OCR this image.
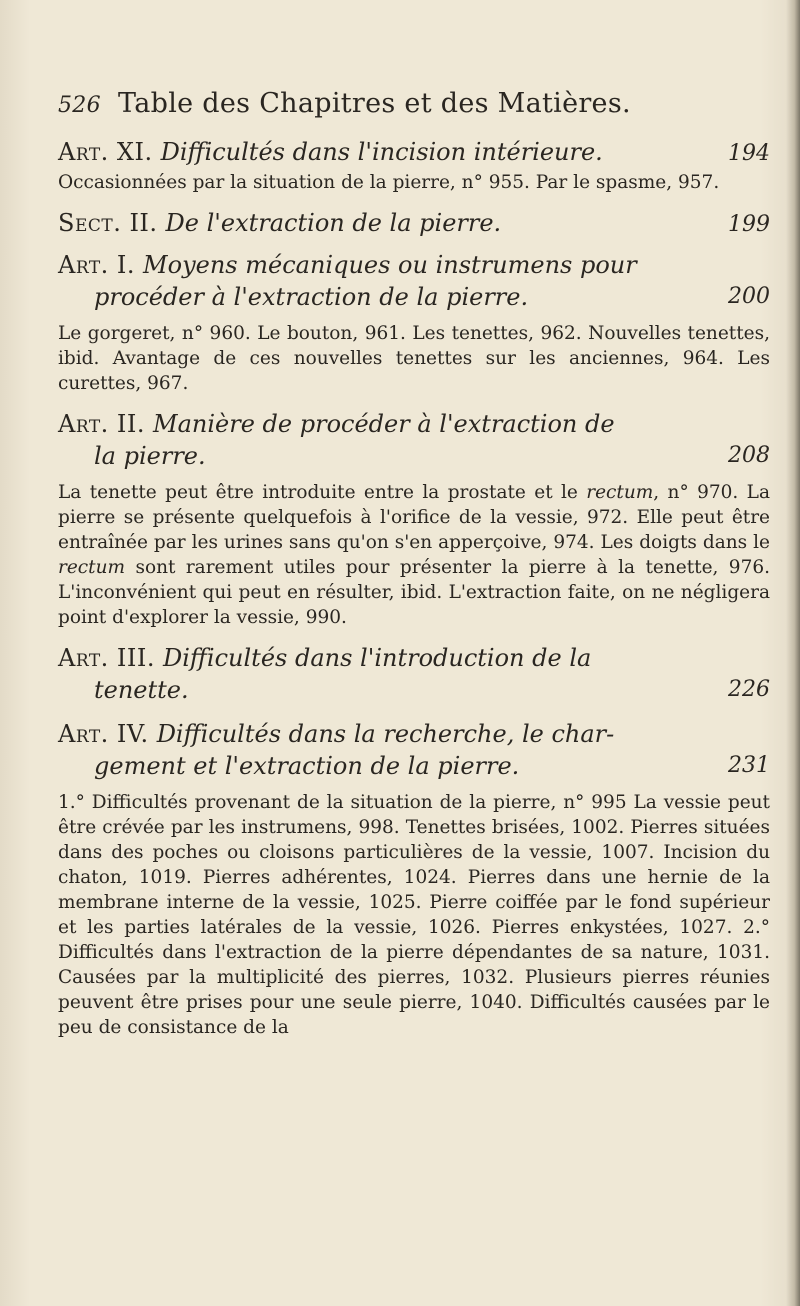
526 Table des Chapitres et des Matières.
Art. XI. Difficultés dans l'incision intérieure.	194

Occasionnées par la situation de la pierre, n° 955. Par le spasme, 957.

Sect. II. De l'extraction de la pierre.	199
Art. I. Moyens mécaniques ou instrumens pour
procéder à l'extraction de la pierre.	200

Le gorgeret, n° 960. Le bouton, 961. Les tenettes, 962. Nouvelles tenettes, ibid. Avantage de ces nouvelles tenettes sur les anciennes, 964. Les curettes, 967.

Art. II. Manière de procéder à l'extraction de
la pierre.	208

La tenette peut être introduite entre la prostate et le rectum, n° 970. La pierre se présente quelquefois à l'orifice de la vessie, 972. Elle peut être entraînée par les urines sans qu'on s'en apperçoive, 974. Les doigts dans le rectum sont rarement utiles pour présenter la pierre à la tenette, 976. L'inconvénient qui peut en résulter, ibid. L'extraction faite, on ne négligera point d'explorer la vessie, 990.

Art. III. Difficultés dans l'introduction de la
tenette.	226
Art. IV. Difficultés dans la recherche, le char-
gement et l'extraction de la pierre.	231

1.° Difficultés provenant de la situation de la pierre, n° 995 La vessie peut être crévée par les instrumens, 998. Tenettes brisées, 1002. Pierres situées dans des poches ou cloisons particulières de la vessie, 1007. Incision du chaton, 1019. Pierres adhérentes, 1024. Pierres dans une hernie de la membrane interne de la vessie, 1025. Pierre coiffée par le fond supérieur et les parties latérales de la vessie, 1026. Pierres enkystées, 1027. 2.° Difficultés dans l'extraction de la pierre dépendantes de sa nature, 1031. Causées par la multiplicité des pierres, 1032. Plusieurs pierres réunies peuvent être prises pour une seule pierre, 1040. Difficultés causées par le peu de consistance de la
